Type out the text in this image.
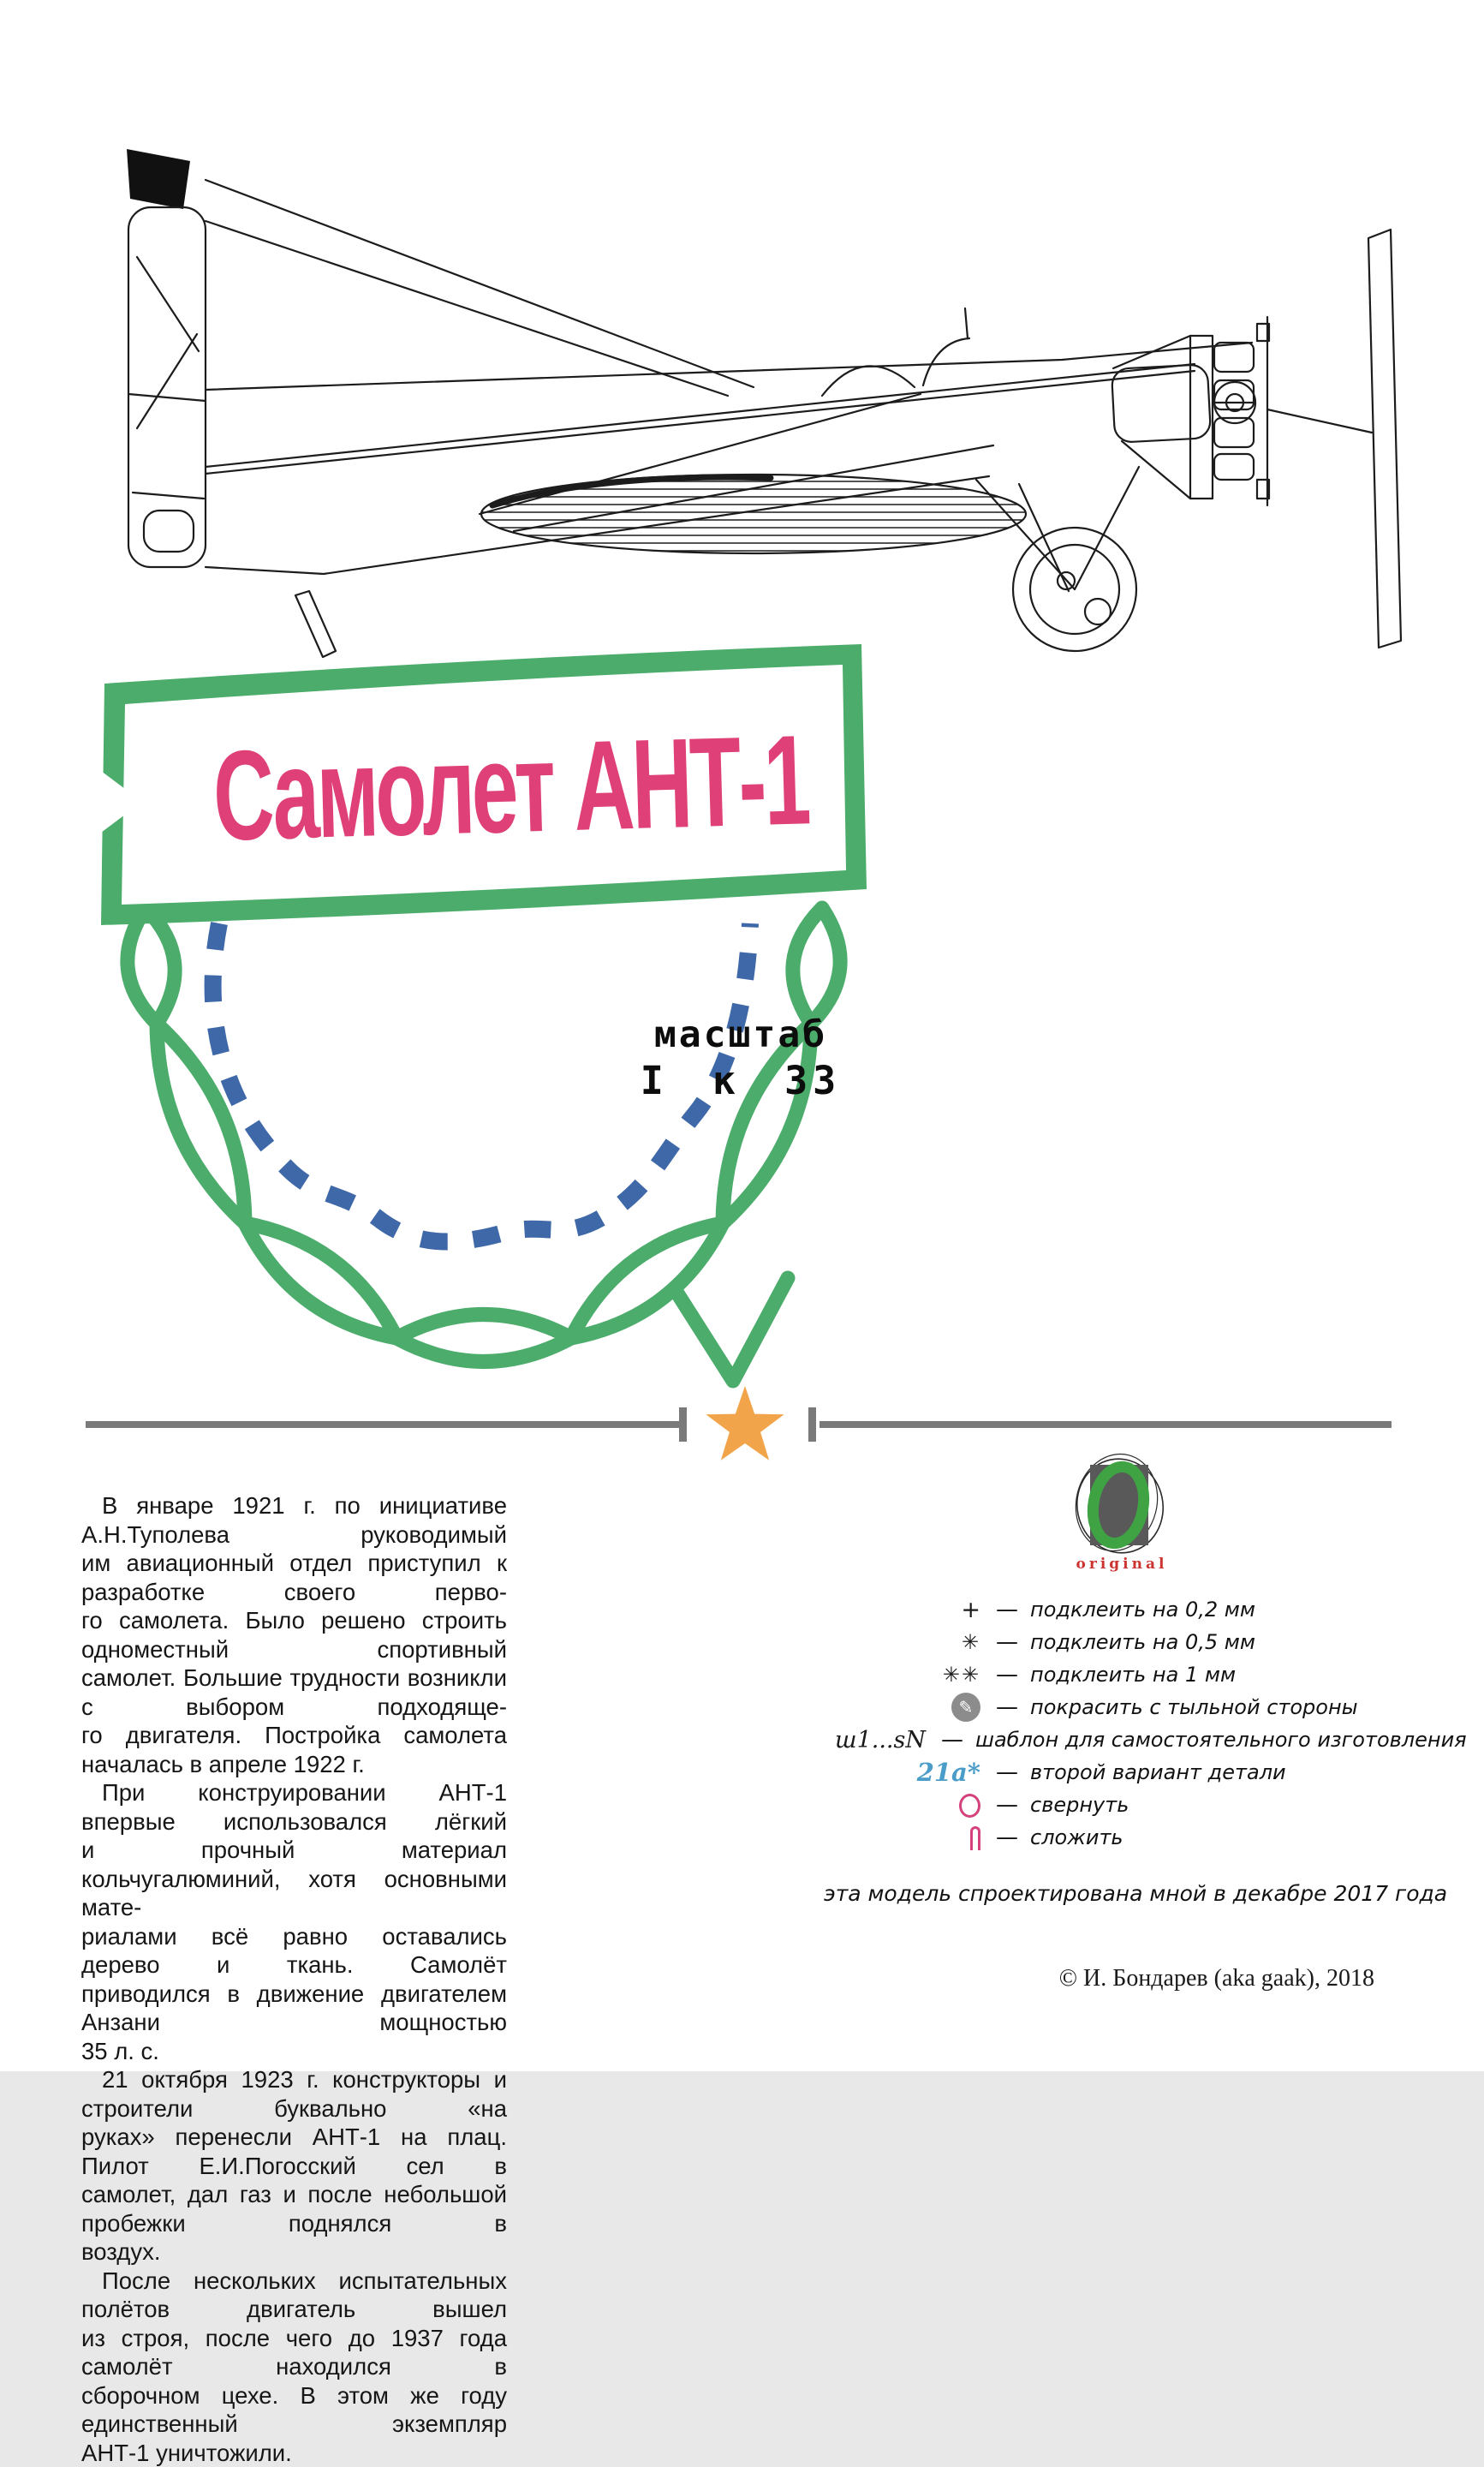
Самолет АНТ-1
масштаб
I к 33
В январе 1921 г. по инициативе А.Н.Туполева руководимый
им авиационный отдел приступил к разработке своего перво-
го самолета. Было решено строить одноместный спортивный
самолет. Большие трудности возникли с выбором подходяще-
го двигателя. Постройка самолета началась в апреле 1922 г.
При конструировании АНТ-1 впервые использовался лёгкий
и прочный материал кольчугалюминий, хотя основными мате-
риалами всё равно оставались дерево и ткань. Самолёт
приводился в движение двигателем Анзани мощностью
35 л. с.
21 октября 1923 г. конструкторы и строители буквально «на
руках» перенесли АНТ-1 на плац. Пилот Е.И.Погосский сел в
самолет, дал газ и после небольшой пробежки поднялся в
воздух.
После нескольких испытательных полётов двигатель вышел
из строя, после чего до 1937 года самолёт находился в
сборочном цехе. В этом же году единственный экземпляр
АНТ-1 уничтожили.
original
+ — подклеить на 0,2 мм
✳ — подклеить на 0,5 мм
✳✳ — подклеить на 1 мм
✎	— покрасить с тыльной стороны
ш1...sN — шаблон для самостоятельного изготовления
21a* — второй вариант детали
— свернуть
— сложить
эта модель спроектирована мной в декабре 2017 года
© И. Бондарев (aka gaak), 2018
